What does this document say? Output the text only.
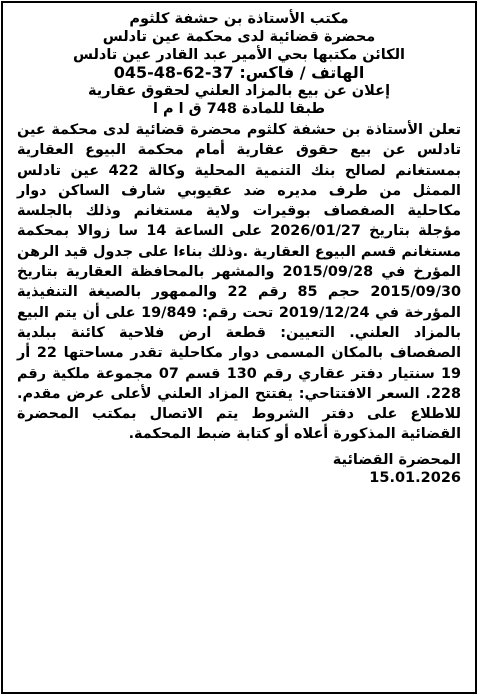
مكتب الأستاذة بن حشفة كلثوم
محضرة قضائية لدى محكمة عين تادلس
الكائن مكتبها بحي الأمير عبد القادر عين تادلس
الهاتف / فاكس: 37-62-48-045
إعلان عن بيع بالمزاد العلني لحقوق عقارية
طبقا للمادة 748 ق ا م ا
تعلن الأستاذة بن حشفة كلثوم محضرة قضائية لدى محكمة عين تادلس عن بيع حقوق عقارية أمام محكمة البيوع العقارية بمستغانم لصالح بنك التنمية المحلية وكالة 422 عين تادلس الممثل من طرف مديره ضد عقيوبي شارف الساكن دوار مكاحلية الصفصاف بوقيرات ولاية مستغانم وذلك بالجلسة مؤجلة بتاريخ 2026/01/27 على الساعة 14 سا زوالا بمحكمة مستغانم قسم البيوع العقارية .وذلك بناءا على جدول قيد الرهن المؤرخ في 2015/09/28 والمشهر بالمحافظة العقارية بتاريخ 2015/09/30 حجم 85 رقم 22 والممهور بالصيغة التنفيذية المؤرخة في 2019/12/24 تحت رقم: 19/849 على أن يتم البيع بالمزاد العلني. التعيين: قطعة ارض فلاحية كائنة ببلدية الصفصاف بالمكان المسمى دوار مكاحلية تقدر مساحتها 22 أر 19 سنتيار دفتر عقاري رقم 130 قسم 07 مجموعة ملكية رقم 228. السعر الافتتاحي: يفتتح المزاد العلني لأعلى عرض مقدم. للاطلاع على دفتر الشروط يتم الاتصال بمكتب المحضرة القضائية المذكورة أعلاه أو كتابة ضبط المحكمة.
المحضرة القضائية
15.01.2026
